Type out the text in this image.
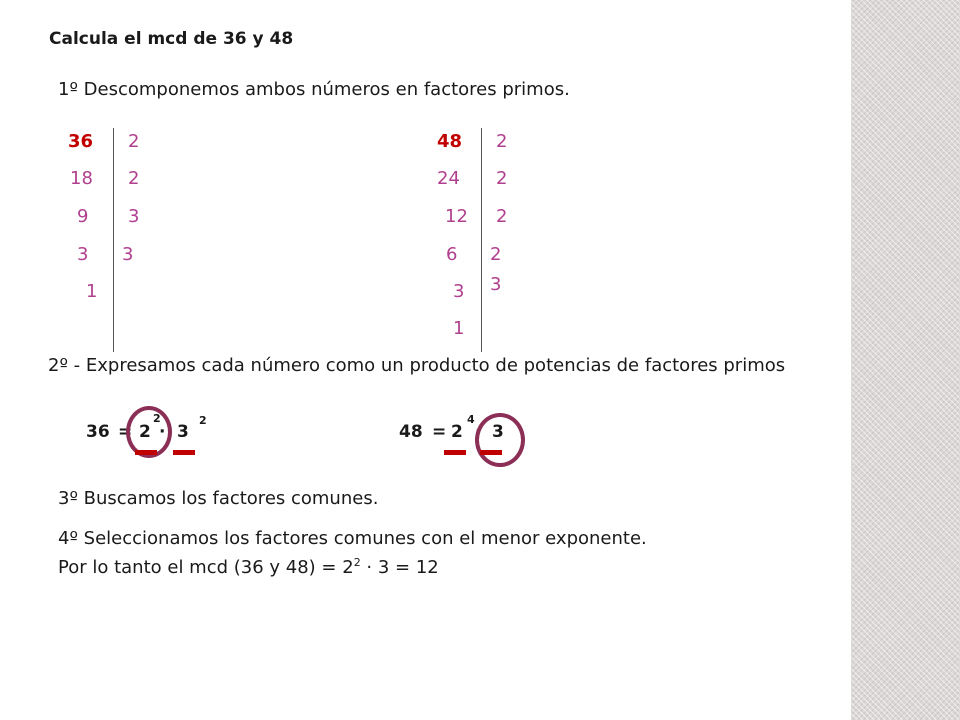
Calcula el mcd de 36 y 48
1º Descomponemos ambos números en factores primos.
36
18
9
3
1
2
2
3
3
48
24
12
6
3
1
2
2
2
2
3
2º - Expresamos cada número como un producto de potencias de factores primos
36 = 2
2
· 3
2
48 = 2
4
· 3
3º Buscamos los factores comunes.
4º Seleccionamos los factores comunes con el menor exponente.
Por lo tanto el mcd (36 y $48) = 2^2 \cdot 3 = 12$
